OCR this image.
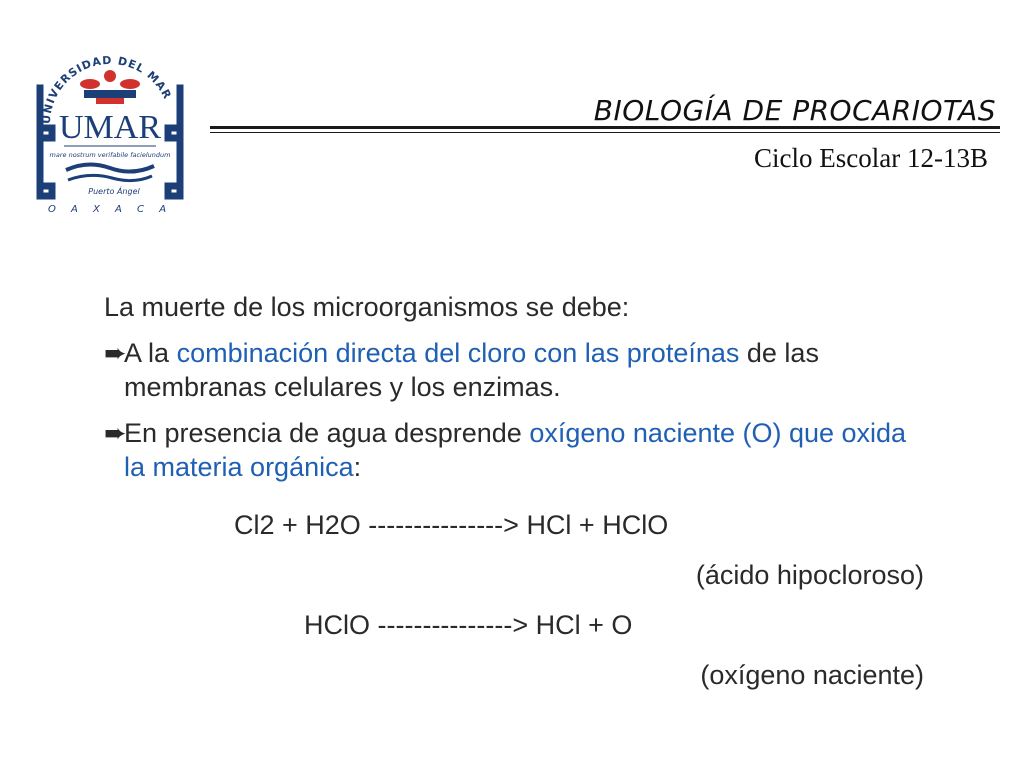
UNIVERSIDAD DEL MAR
UMAR
mare nostrum verifabile facielundum
Puerto Ángel
O A X A C A
BIOLOGÍA DE PROCARIOTAS
Ciclo Escolar 12-13B

La muerte de los microorganismos se debe:

➨
A la combinación directa del cloro con las proteínas de las membranas celulares y los enzimas.

➨
En presencia de agua desprende oxígeno naciente (O) que oxida la materia orgánica:

Cl2 + H2O ---------------> HCl + HClO
(ácido hipocloroso)
HClO ---------------> HCl + O
(oxígeno naciente)
